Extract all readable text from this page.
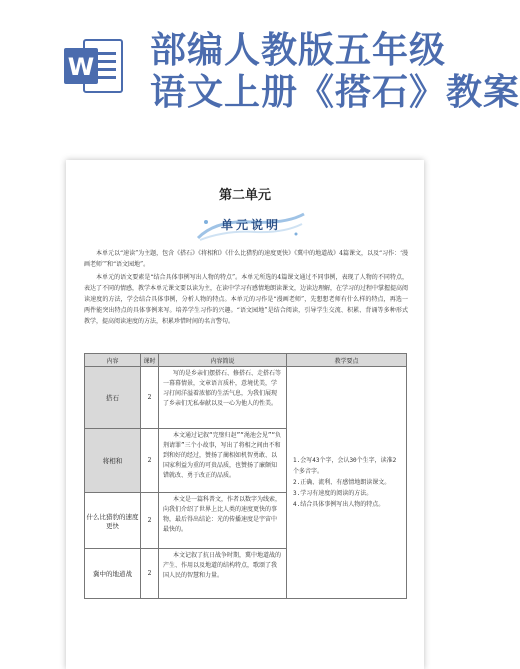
W 部编人教版五年级
语文上册《搭石》教案
第二单元
单元说明
本单元以“速读”为主题，包含《搭石》《将相和》《什么比猎豹的速度更快》《冀中的地道战》4篇课文，以及“习作：‘漫画老师’”和“语文园地”。
本单元的语文要素是“结合具体事例写出人物的特点”。本单元所选的4篇课文通过不同事例，表现了人物的不同特点，表达了不同的情感，教学本单元课文要以读为主，在读中学习有感情地朗读课文，边读边理解，在学习的过程中掌握提高阅读速度的方法，学会结合具体事例，分析人物的特点。本单元的习作是“漫画老师”，先想想老师有什么样的特点，再选一两件能突出特点的具体事例来写。培养学生习作的兴趣。“语文园地”是结合阅读，引导学生交流、积累、背诵等多种形式教学，提高阅读速度的方法，积累珍惜时间的名言警句。
内容	课时	内容简说	教学要点
搭石	2	写的是乡亲们摆搭石、修搭石、走搭石等一幕幕情景，文章语言质朴，意境优美，学习打间洋溢着浓郁的生活气息，为我们展现了乡亲们无私奉献以及一心为他人的性美。	1.会写43个字，会认30个生字，读准2个多音字。
2.正确、流利、有感情地朗读课文。
3.学习有速度的阅读的方法。
4.结合具体事例写出人物的特点。

将相和	2	本文通过记叙“完璧归赵”“渑池会见”“负荆请罪”三个小故事，写出了将相之间由不和到和好的经过，赞扬了蔺相如机智勇敢、以国家利益为重的可贵品质，也赞扬了廉颇知错就改、勇于改正的品质。	
什么比猎豹的速度更快	2	本文是一篇科普文，作者以数字为线索，向我们介绍了世界上比人类的速度更快的事物，最后得出结论：光的传播速度是宇宙中最快的。	
冀中的地道战	2	本文记叙了抗日战争时期，冀中地道战的产生、作用以及地道的结构特点，歌颂了我国人民的智慧和力量。	
